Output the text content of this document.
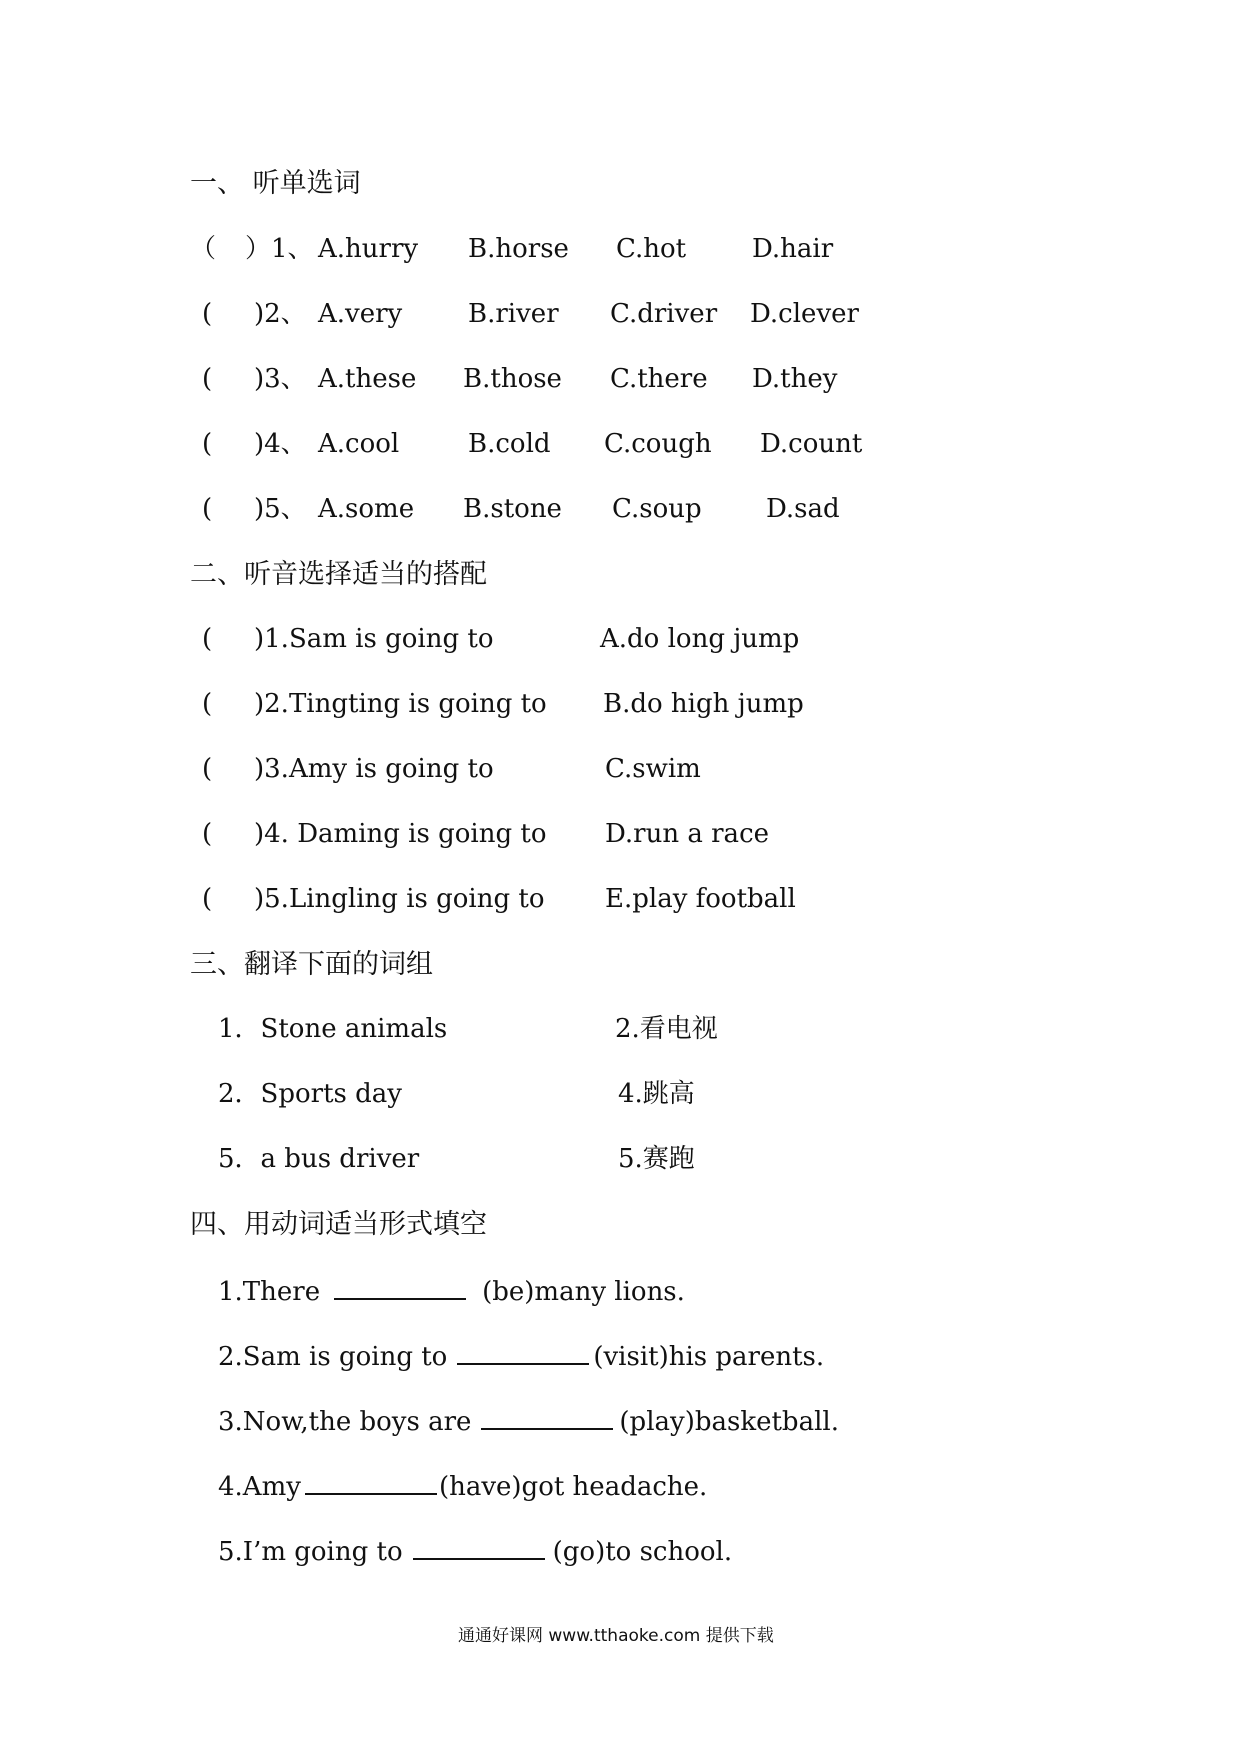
一、 听单选词
（ ）1、 A.hurry B.horse C.hot	D.hair
( )2、 A.very	B.river C.driver D.clever
( )3、 A.these B.those C.there D.they
( )4、 A.cool	B.cold C.cough D.count
( )5、 A.some B.stone C.soup D.sad
二、听音选择适当的搭配
( )1.Sam is going to	A.do long jump
( )2.Tingting is going to B.do high jump
( )3.Amy is going to	C.swim
( )4. Daming is going to D.run a race
( )5.Lingling is going to E.play football
三、翻译下面的词组
1．Stone animals	2.看电视
2．Sports day	4.跳高
5．a bus driver	5.赛跑
四、用动词适当形式填空
1.There	(be)many lions.
2.Sam is going to	(visit)his parents.
3.Now,the boys are	(play)basketball.
4.Amy	(have)got headache.
5.I’m going to	(go)to school.
通通好课网 www.tthaoke.com 提供下载
